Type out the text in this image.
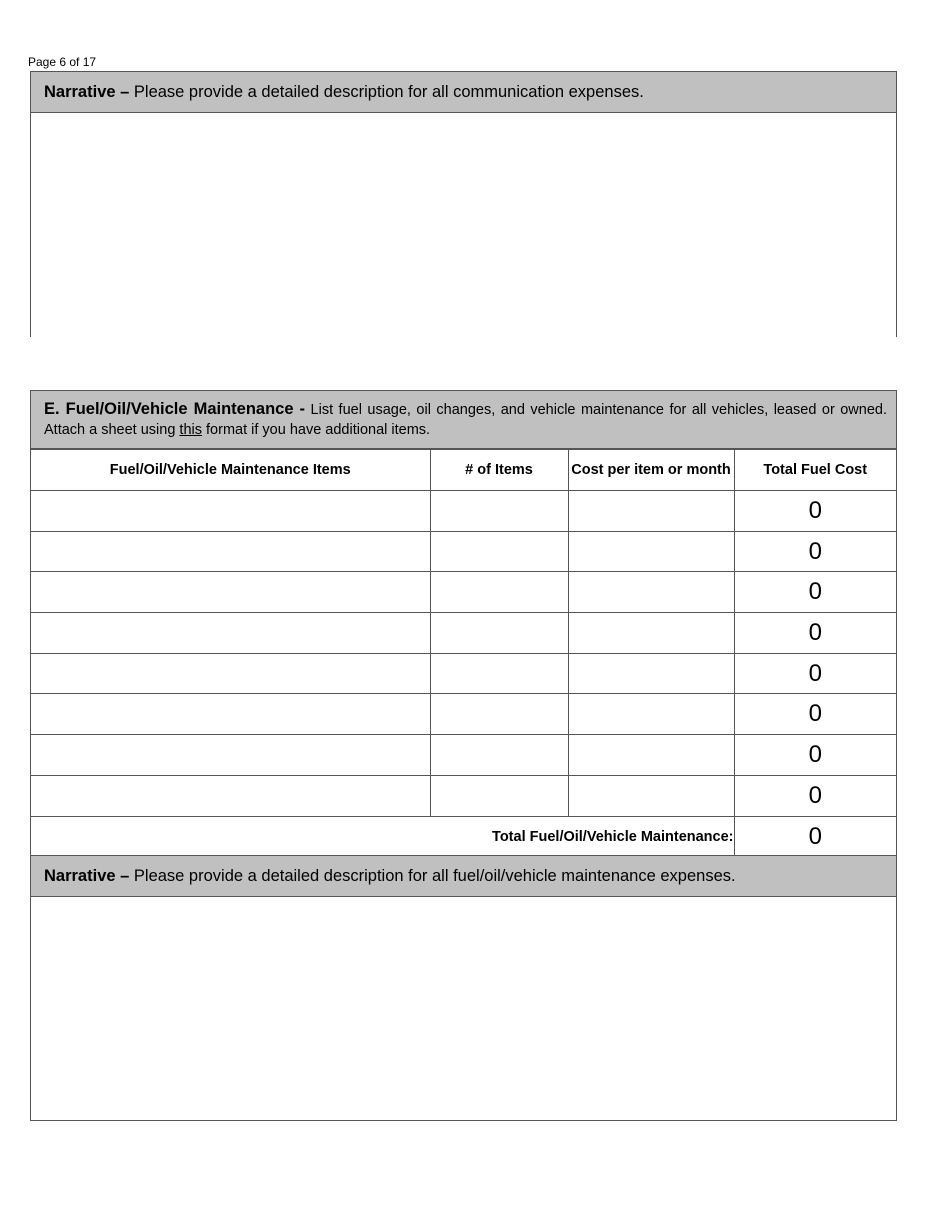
Page 6 of 17
Narrative – Please provide a detailed description for all communication expenses.
E. Fuel/Oil/Vehicle Maintenance - List fuel usage, oil changes, and vehicle maintenance for all vehicles, leased or owned. Attach a sheet using this format if you have additional items.
Fuel/Oil/Vehicle Maintenance Items	# of Items	Cost per item or month	Total Fuel Cost
			0
			0
			0
			0
			0
			0
			0
			0
Total Fuel/Oil/Vehicle Maintenance:			0
Narrative – Please provide a detailed description for all fuel/oil/vehicle maintenance expenses.
